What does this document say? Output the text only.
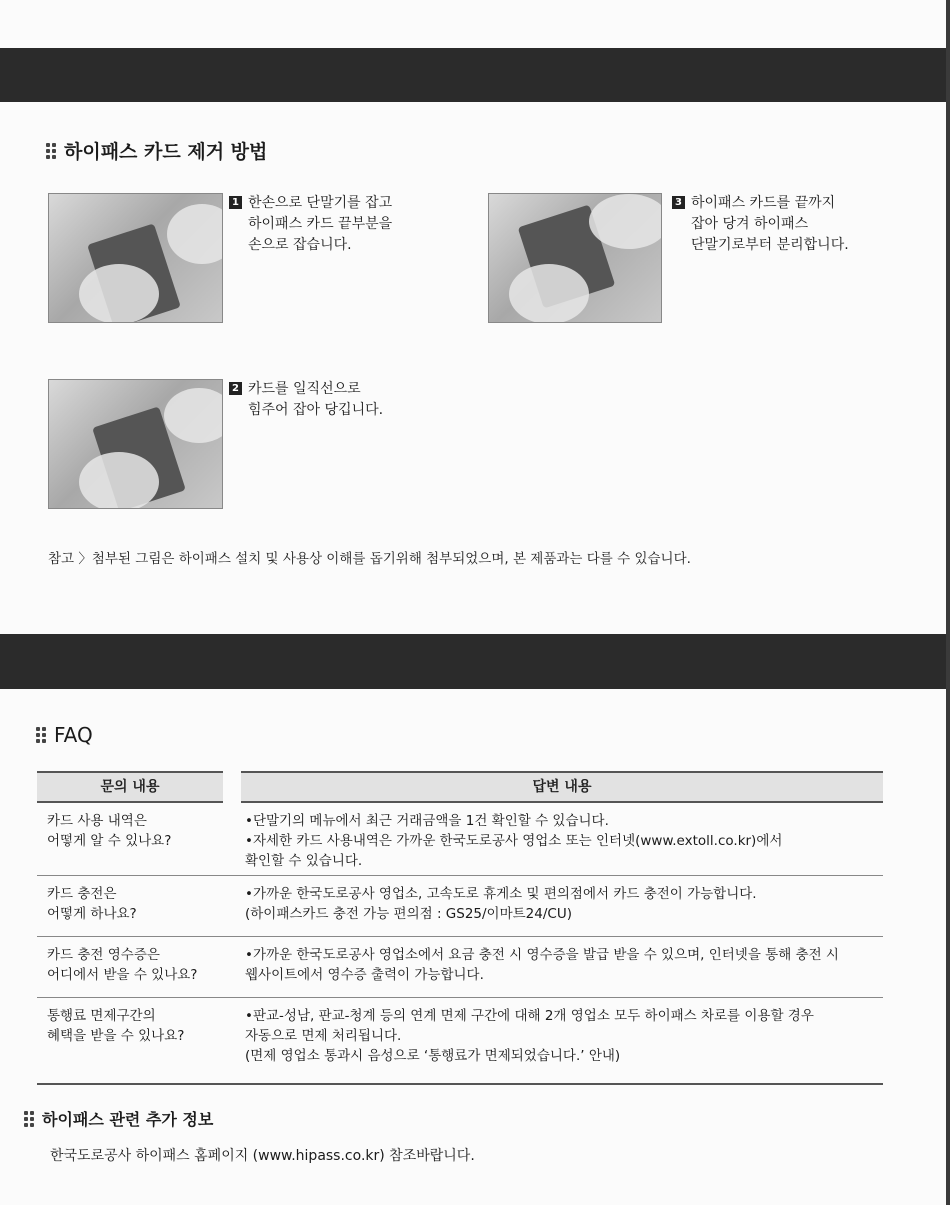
하이패스 카드 제거 방법
1 한손으로 단말기를 잡고
하이패스 카드 끝부분을
손으로 잡습니다.
3 하이패스 카드를 끝까지
잡아 당겨 하이패스
단말기로부터 분리합니다.
2 카드를 일직선으로
힘주어 잡아 당깁니다.
참고 〉첨부된 그림은 하이패스 설치 및 사용상 이해를 돕기위해 첨부되었으며, 본 제품과는 다를 수 있습니다.
FAQ
문의 내용	답변 내용
카드 사용 내역은
어떻게 알 수 있나요?
•단말기의 메뉴에서 최근 거래금액을 1건 확인할 수 있습니다.
•자세한 카드 사용내역은 가까운 한국도로공사 영업소 또는 인터넷(www.extoll.co.kr)에서
확인할 수 있습니다.
카드 충전은
어떻게 하나요?
•가까운 한국도로공사 영업소, 고속도로 휴게소 및 편의점에서 카드 충전이 가능합니다.
(하이패스카드 충전 가능 편의점 : GS25/이마트24/CU)
카드 충전 영수증은
어디에서 받을 수 있나요?
•가까운 한국도로공사 영업소에서 요금 충전 시 영수증을 발급 받을 수 있으며, 인터넷을 통해 충전 시
웹사이트에서 영수증 출력이 가능합니다.
통행료 면제구간의
혜택을 받을 수 있나요?
•판교-성남, 판교-청계 등의 연계 면제 구간에 대해 2개 영업소 모두 하이패스 차로를 이용할 경우
자동으로 면제 처리됩니다.
(면제 영업소 통과시 음성으로 ‘통행료가 면제되었습니다.’ 안내)
하이패스 관련 추가 정보
한국도로공사 하이패스 홈페이지 (www.hipass.co.kr) 참조바랍니다.
